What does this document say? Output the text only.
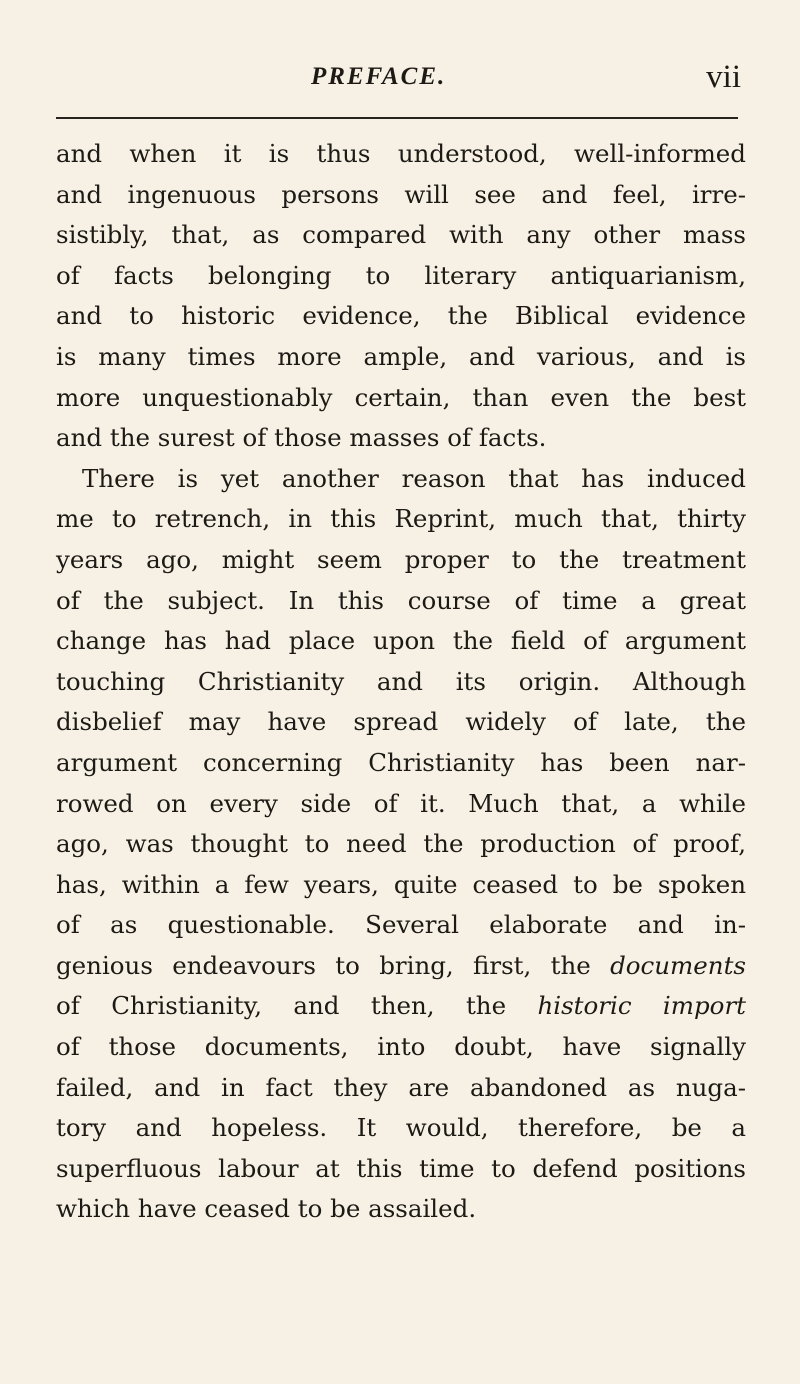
PREFACE.	vii
and when it is thus understood, well-informed
and ingenuous persons will see and feel, irre-
sistibly, that, as compared with any other mass
of facts belonging to literary antiquarianism,
and to historic evidence, the Biblical evidence
is many times more ample, and various, and is
more unquestionably certain, than even the best
and the surest of those masses of facts.
There is yet another reason that has induced
me to retrench, in this Reprint, much that, thirty
years ago, might seem proper to the treatment
of the subject. In this course of time a great
change has had place upon the field of argument
touching Christianity and its origin. Although
disbelief may have spread widely of late, the
argument concerning Christianity has been nar-
rowed on every side of it. Much that, a while
ago, was thought to need the production of proof,
has, within a few years, quite ceased to be spoken
of as questionable. Several elaborate and in-
genious endeavours to bring, first, the documents
of Christianity, and then, the historic import
of those documents, into doubt, have signally
failed, and in fact they are abandoned as nuga-
tory and hopeless. It would, therefore, be a
superfluous labour at this time to defend positions
which have ceased to be assailed.
